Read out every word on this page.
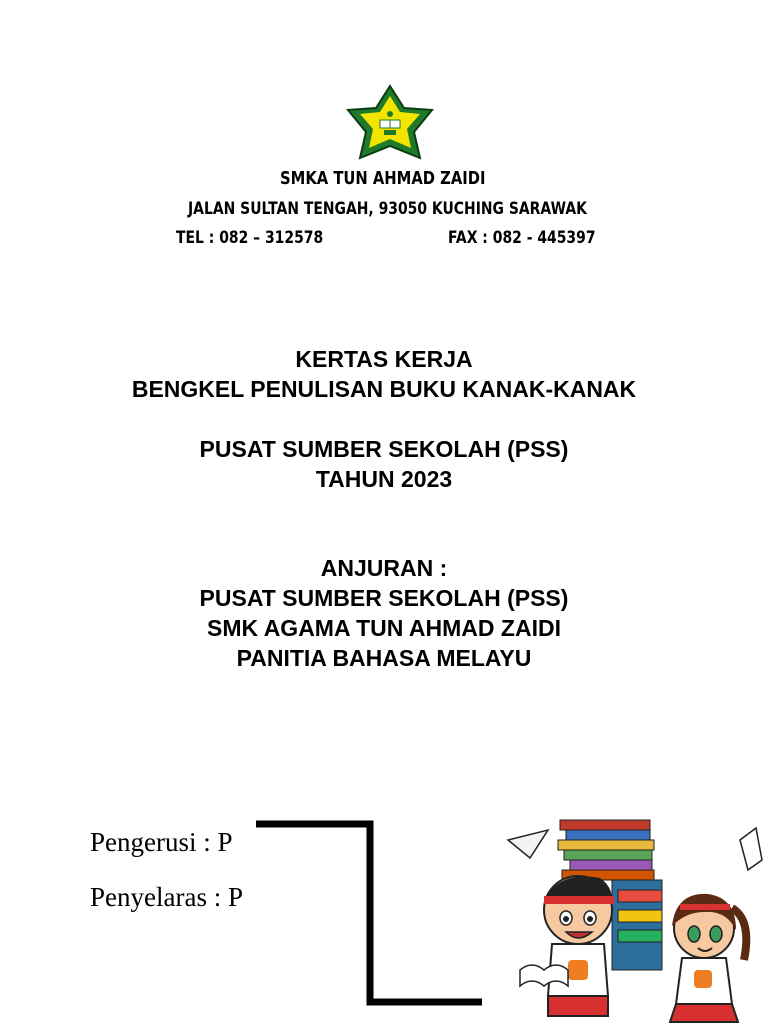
SMKA TUN AHMAD ZAIDI
JALAN SULTAN TENGAH, 93050 KUCHING SARAWAK
TEL : 082 – 312578	FAX : 082 - 445397
KERTAS KERJA
BENGKEL PENULISAN BUKU KANAK-KANAK
PUSAT SUMBER SEKOLAH (PSS)
TAHUN 2023
ANJURAN :
PUSAT SUMBER SEKOLAH (PSS)
SMK AGAMA TUN AHMAD ZAIDI
PANITIA BAHASA MELAYU
Pengerusi : P
Penyelaras : P
